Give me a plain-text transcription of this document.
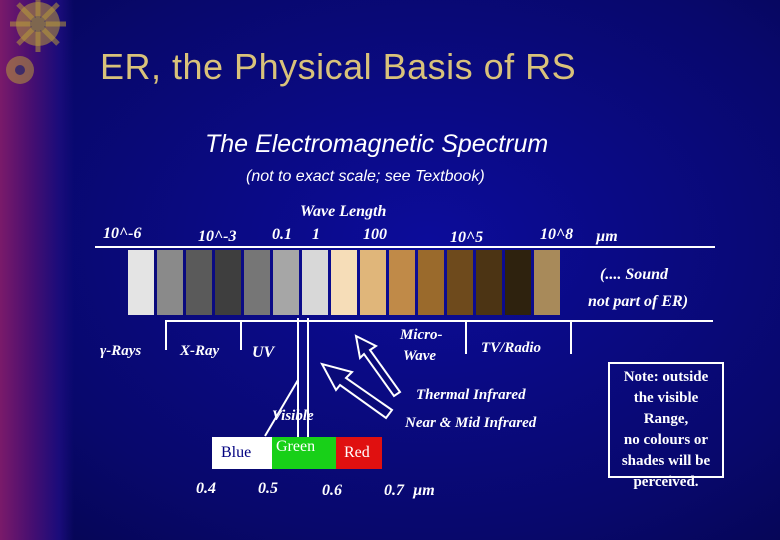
ER, the Physical Basis of RS
The Electromagnetic Spectrum
(not to exact scale; see Textbook)
10^-6	10^-3 0.1 1
Wave Length
100	10^5	10^8 µm
(.... Sound
not part of ER)
γ-Rays	X-Ray UV
Micro-
Wave	TV/Radio
Thermal Infrared
Near & Mid Infrared
Visible
Blue	Green	Red
0.4	0.5	0.6	0.7 µm
Note: outside
the visible Range,
no colours or
shades will be
perceived.
